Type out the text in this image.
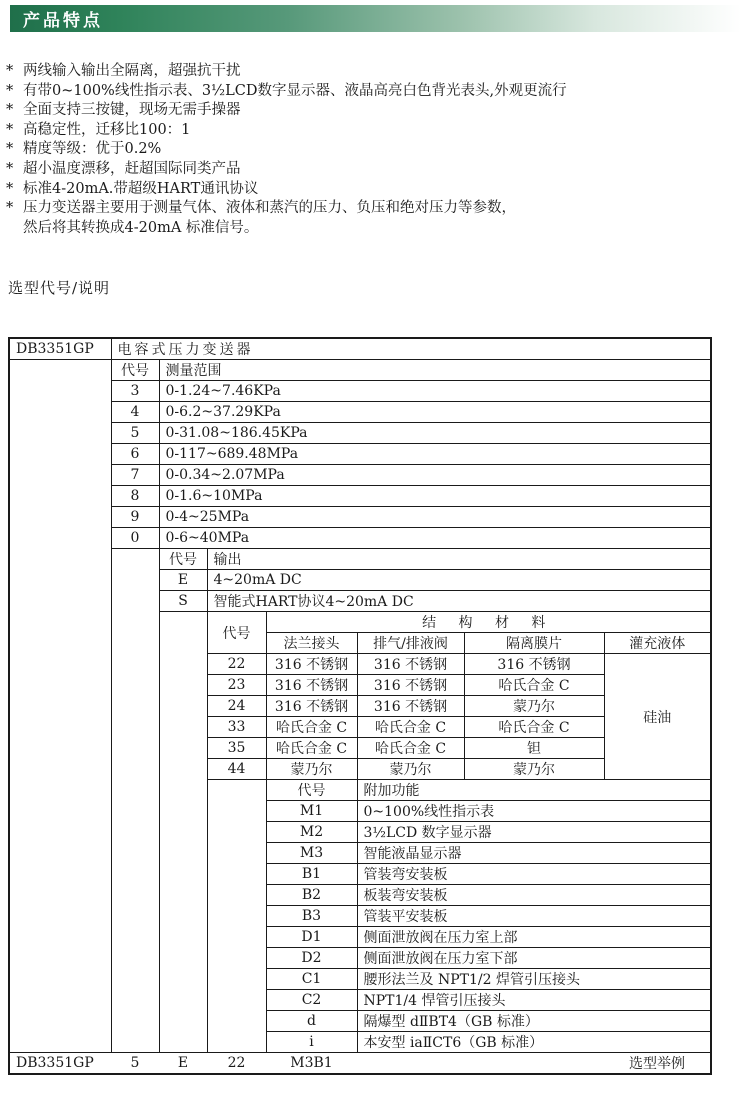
产品特点
* 两线输入输出全隔离，超强抗干扰
* 有带0~100%线性指示表、3½LCD数字显示器、液晶高亮白色背光表头,外观更流行
* 全面支持三按键，现场无需手操器
* 高稳定性，迁移比100：1
* 精度等级：优于0.2%
* 超小温度漂移，赶超国际同类产品
* 标准4-20mA.带超级HART通讯协议
* 压力变送器主要用于测量气体、液体和蒸汽的压力、负压和绝对压力等参数，
然后将其转换成4-20mA 标准信号。
选型代号/说明
DB3351GP	电容式压力变送器						
	代号	测量范围					
	3	0-1.24~7.46KPa					
	4	0-6.2~37.29KPa					
	5	0-31.08~186.45KPa					
	6	0-117~689.48MPa					
	7	0-0.34~2.07MPa					
	8	0-1.6~10MPa					
	9	0-4~25MPa					
	0	0-6~40MPa					
		代号	输出				
		E	4~20mA DC				
		S	智能式HART协议4~20mA DC				
			代号	结 构 材 料			
				法兰接头	排气/排液阀	隔离膜片	灌充液体
			22	316 不锈钢	316 不锈钢	316 不锈钢	硅油
			23	316 不锈钢	316 不锈钢	哈氏合金 C	
			24	316 不锈钢	316 不锈钢	蒙乃尔	
			33	哈氏合金 C	哈氏合金 C	哈氏合金 C	
			35	哈氏合金 C	哈氏合金 C	钽	
			44	蒙乃尔	蒙乃尔	蒙乃尔	
				代号	附加功能		
				M1	0~100%线性指示表		
				M2	3½LCD 数字显示器		
				M3	智能液晶显示器		
				B1	管装弯安装板		
				B2	板装弯安装板		
				B3	管装平安装板		
				D1	侧面泄放阀在压力室上部		
				D2	侧面泄放阀在压力室下部		
				C1	腰形法兰及 NPT1/2 焊管引压接头		
				C2	NPT1/4 悍管引压接头		
				d	隔爆型 dⅡBT4（GB 标准）		
				i	本安型 iaⅡCT6（GB 标准）		
DB3351GP	5	E	22	M3B1			选型举例
